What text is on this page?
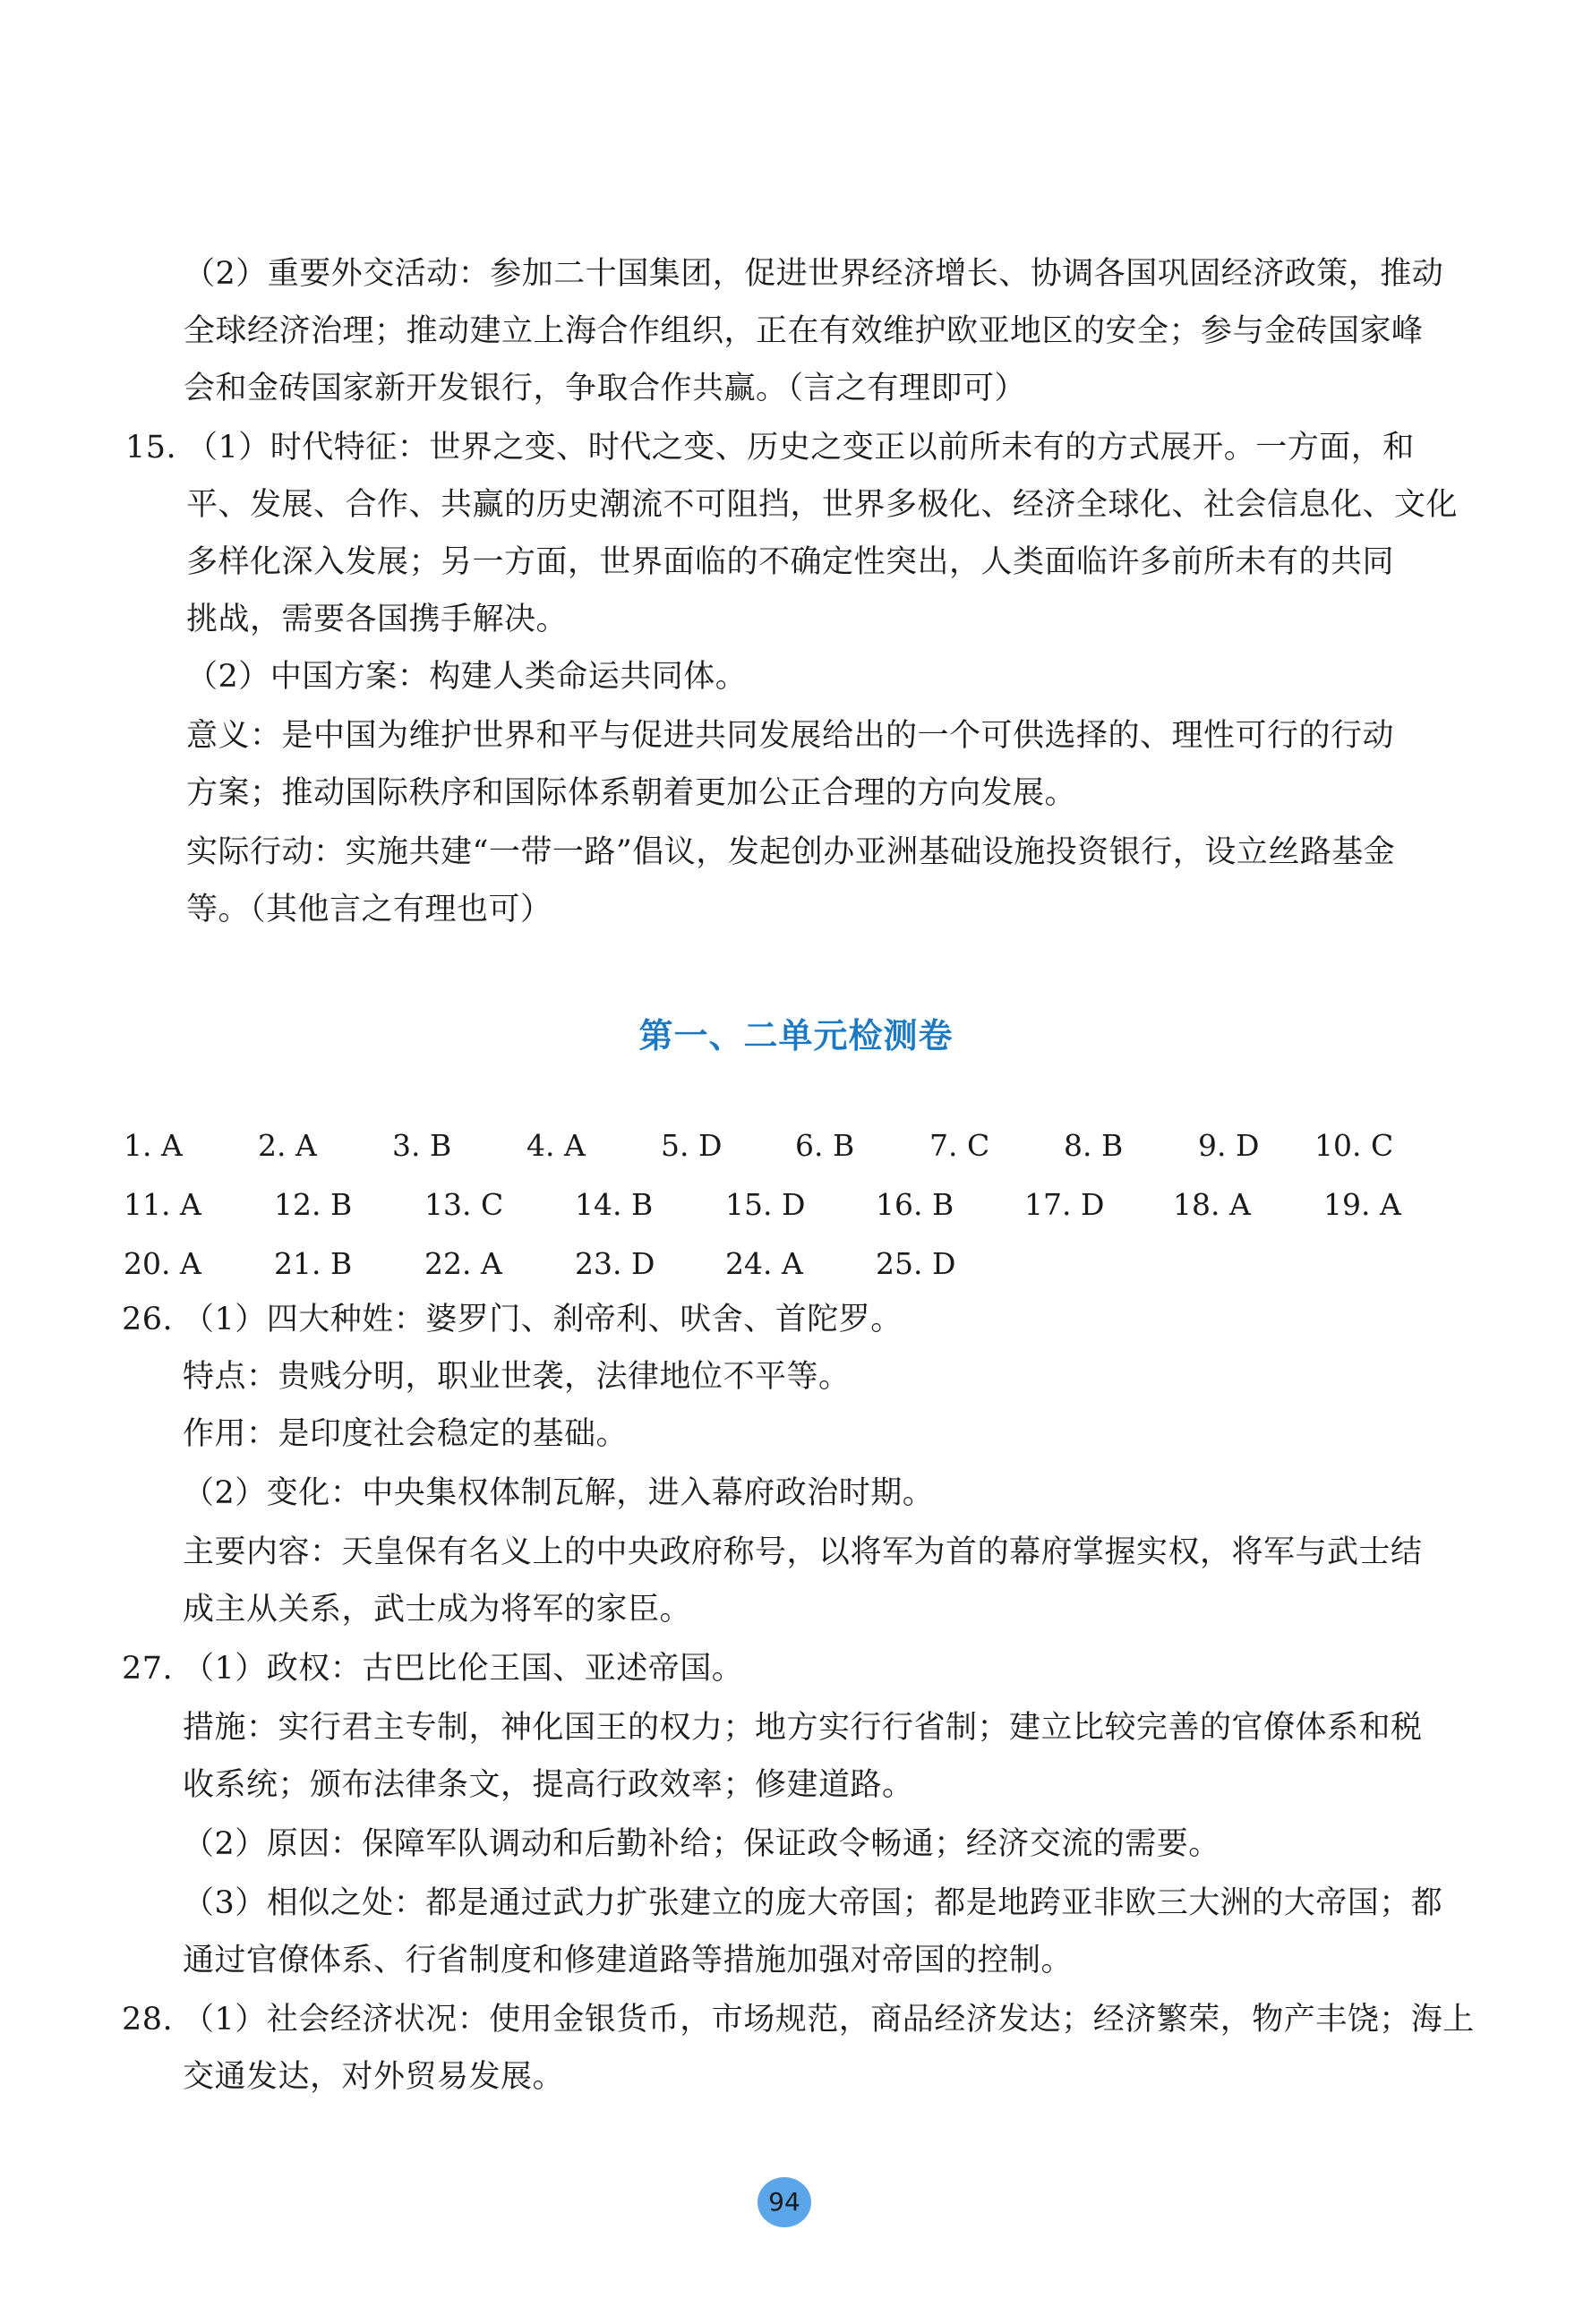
（2）重要外交活动：参加二十国集团，促进世界经济增长、协调各国巩固经济政策，推动
全球经济治理；推动建立上海合作组织，正在有效维护欧亚地区的安全；参与金砖国家峰
会和金砖国家新开发银行，争取合作共赢。（言之有理即可）
15. （1）时代特征：世界之变、时代之变、历史之变正以前所未有的方式展开。一方面，和
平、发展、合作、共赢的历史潮流不可阻挡，世界多极化、经济全球化、社会信息化、文化
多样化深入发展；另一方面，世界面临的不确定性突出，人类面临许多前所未有的共同
挑战，需要各国携手解决。
（2）中国方案：构建人类命运共同体。
意义：是中国为维护世界和平与促进共同发展给出的一个可供选择的、理性可行的行动
方案；推动国际秩序和国际体系朝着更加公正合理的方向发展。
实际行动：实施共建“一带一路”倡议，发起创办亚洲基础设施投资银行，设立丝路基金
等。（其他言之有理也可）
第一、二单元检测卷
1. A	2. A	3. B	4. A	5. D 6. B	7. C	8. B	9. D 10. C
11. A 12. B 13. C 14. B 15. D 16. B 17. D 18. A 19. A
20. A 21. B 22. A 23. D 24. A 25. D
26. （1）四大种姓：婆罗门、刹帝利、吠舍、首陀罗。
特点：贵贱分明，职业世袭，法律地位不平等。
作用：是印度社会稳定的基础。
（2）变化：中央集权体制瓦解，进入幕府政治时期。
主要内容：天皇保有名义上的中央政府称号，以将军为首的幕府掌握实权，将军与武士结
成主从关系，武士成为将军的家臣。
27. （1）政权：古巴比伦王国、亚述帝国。
措施：实行君主专制，神化国王的权力；地方实行行省制；建立比较完善的官僚体系和税
收系统；颁布法律条文，提高行政效率；修建道路。
（2）原因：保障军队调动和后勤补给；保证政令畅通；经济交流的需要。
（3）相似之处：都是通过武力扩张建立的庞大帝国；都是地跨亚非欧三大洲的大帝国；都
通过官僚体系、行省制度和修建道路等措施加强对帝国的控制。
28. （1）社会经济状况：使用金银货币，市场规范，商品经济发达；经济繁荣，物产丰饶；海上
交通发达，对外贸易发展。
94
